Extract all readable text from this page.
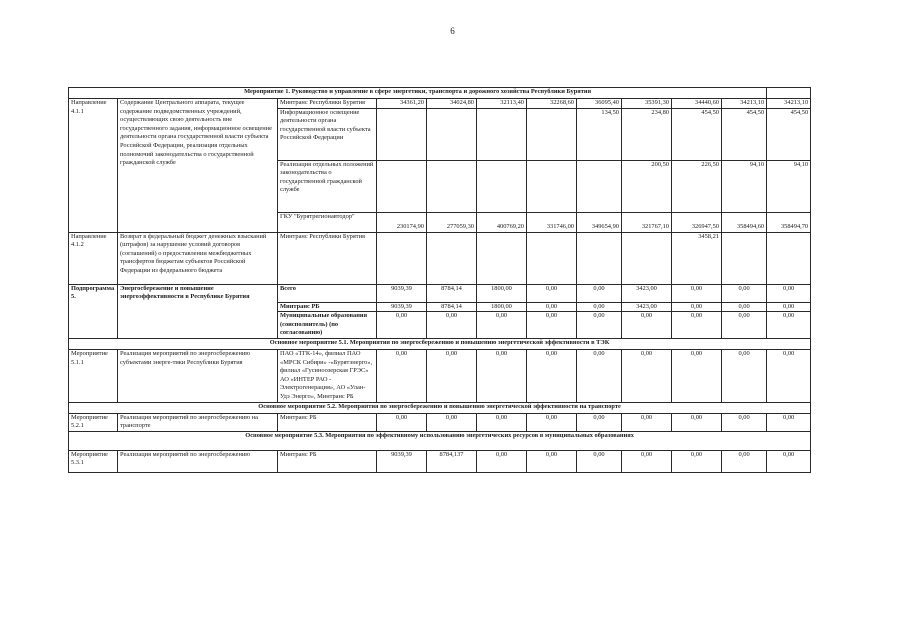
6
Мероприятие 1. Руководство и управление в сфере энергетики, транспорта и дорожного хозяйства Республики Бурятия											
Направление 4.1.1	Содержание Центрального аппарата, текущее содержание подведомственных учреждений, осуществляющих свою деятельность вне государственного задания, информационное освещение деятельности органа государственной власти субъекта Российской Федерации, реализация отдельных полномочий законодательства о государственной гражданской службе	Минтранс Республики Бурятия	34361,20	34024,80	32113,40	32268,60	36095,40	35391,30	34440,60	34213,10	34213,10
		Информационное освещение деятельности органа государственной власти субъекта Российской Федерации					134,50	234,80	454,50	454,50	454,50
		Реализация отдельных положений законодательства о государственной гражданской службе						200,50	226,50	94,10	94,10
		ГКУ "Бурятрегионавтодор"	230174,90	277059,30	400769,20	331746,00	349654,90	321767,10	326947,50	358494,60	358494,70
Направление 4.1.2	Возврат в федеральный бюджет денежных взысканий (штрафов) за нарушение условий договоров (соглашений) о предоставлении межбюджетных трансфертов бюджетам субъектов Российской Федерации из федерального бюджета	Минтранс Республики Бурятия							3458,21		
Подпрограмма 5.	Энергосбережение и повышение энергоэффективности в Республике Бурятия	Всего	9039,39	8784,14	1800,00	0,00	0,00	3423,00	0,00	0,00	0,00
		Минтранс РБ	9039,39	8784,14	1800,00	0,00	0,00	3423,00	0,00	0,00	0,00
		Муниципальные образования (соисполнитель) (по согласованию)	0,00	0,00	0,00	0,00	0,00	0,00	0,00	0,00	0,00
Основное мероприятие 5.1. Мероприятия по энергосбережению и повышению энергетической эффективности в ТЭК											
Мероприятие 5.1.1	Реализация мероприятий по энергосбережению субъектами энерге-тики Республики Бурятия	ПАО «ТГК-14», филиал ПАО «МРСК Сибири» -«Бурятэнерго», филиал «Гусиноозерская ГРЭС» АО «ИНТЕР РАО - Электрогенерация», АО «Улан-Удэ Энерго», Минтранс РБ	0,00	0,00	0,00	0,00	0,00	0,00	0,00	0,00	0,00
Основное мероприятие 5.2. Мероприятия по энергосбережению и повышению энергетической эффективности на транспорте											
Мероприятие 5.2.1	Реализация мероприятий по энергосбережению на транспорте	Минтранс РБ	0,00	0,00	0,00	0,00	0,00	0,00	0,00	0,00	0,00
Основное мероприятие 5.3. Мероприятия по эффективному использованию энергетических ресурсов в муниципальных образованиях											
Мероприятие 5.3.1	Реализация мероприятий по энергосбережению	Минтранс РБ	9039,39	8784,137	0,00	0,00	0,00	0,00	0,00	0,00	0,00
